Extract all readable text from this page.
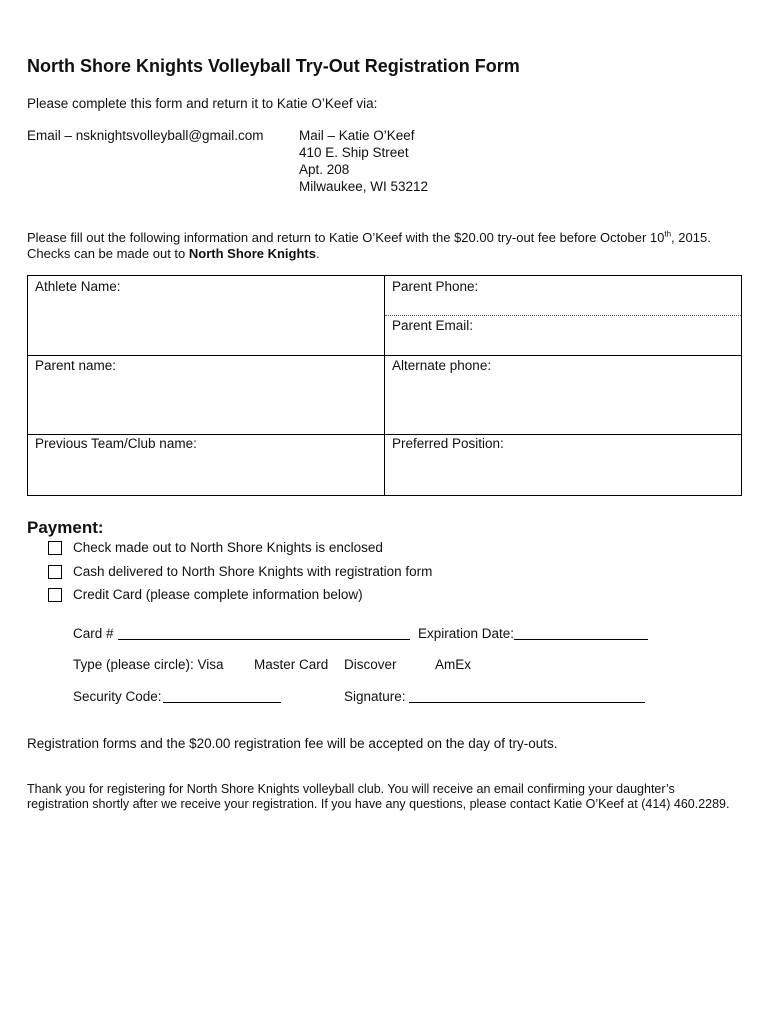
North Shore Knights Volleyball Try-Out Registration Form
Please complete this form and return it to Katie O’Keef via:
Email – nsknightsvolleyball@gmail.com	Mail – Katie O’Keef
410 E. Ship Street
Apt. 208
Milwaukee, WI 53212
Please fill out the following information and return to Katie O’Keef with the $20.00 try-out fee before October 10th, 2015.
Checks can be made out to North Shore Knights.
Athlete Name:	Parent Phone:
Parent Email:
Parent name:	Alternate phone:
Previous Team/Club name:	Preferred Position:
Payment:
Check made out to North Shore Knights is enclosed
Cash delivered to North Shore Knights with registration form
Credit Card (please complete information below)
Card #	Expiration Date:
Type (please circle): Visa Master Card Discover	AmEx
Security Code:	Signature:
Registration forms and the $20.00 registration fee will be accepted on the day of try-outs.
Thank you for registering for North Shore Knights volleyball club. You will receive an email confirming your daughter’s
registration shortly after we receive your registration. If you have any questions, please contact Katie O’Keef at (414) 460.2289.
